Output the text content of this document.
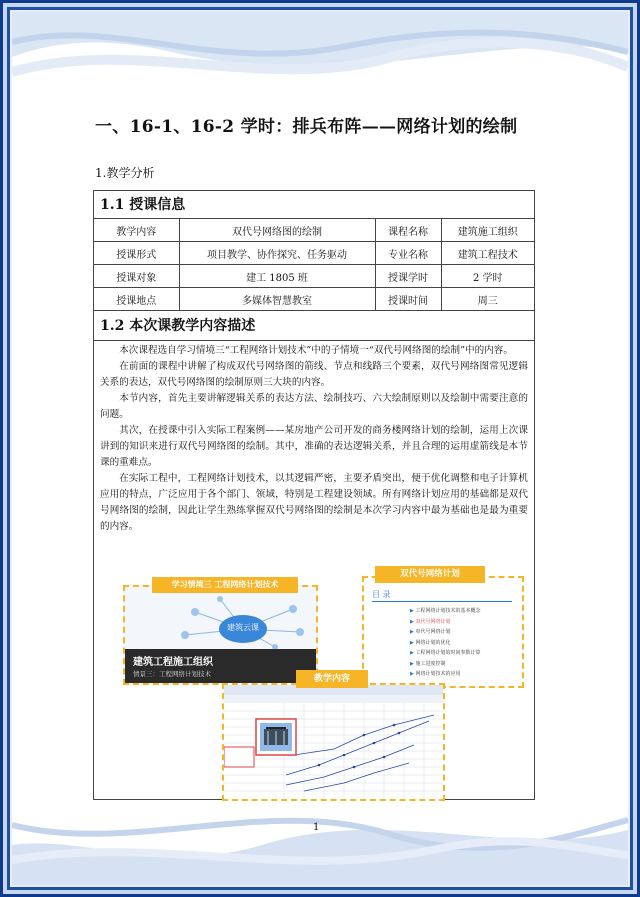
一、16-1、16-2 学时：排兵布阵——网络计划的绘制
1.教学分析
1.1 授课信息
教学内容	双代号网络图的绘制	课程名称	建筑施工组织
授课形式	项目教学、协作探究、任务驱动	专业名称	建筑工程技术
授课对象	建工 1805 班	授课学时	2 学时
授课地点	多媒体智慧教室	授课时间	周三
1.2 本次课教学内容描述

本次课程选自学习情境三“工程网络计划技术”中的子情境一“双代号网络图的绘制”中的内容。

在前面的课程中讲解了构成双代号网络图的箭线、节点和线路三个要素，双代号网络图常见逻辑关系的表达，双代号网络图的绘制原则三大块的内容。

本节内容，首先主要讲解逻辑关系的表达方法、绘制技巧、六大绘制原则以及绘制中需要注意的问题。

其次，在授课中引入实际工程案例——某房地产公司开发的商务楼网络计划的绘制，运用上次课讲到的知识来进行双代号网络图的绘制。其中，准确的表达逻辑关系，并且合理的运用虚箭线是本节课的重难点。

在实际工程中，工程网络计划技术，以其逻辑严密，主要矛盾突出，便于优化调整和电子计算机应用的特点，广泛应用于各个部门、领域，特别是工程建设领域。所有网络计划应用的基础都是双代号网络图的绘制，因此让学生熟练掌握双代号网络图的绘制是本次学习内容中最为基础也是最为重要的内容。

建筑云课
建筑工程施工组织
情景三：工程网络计划技术
学习情境三 工程网络计划技术
目 录
▶ 工程网络计划技术的基本概念
▶ 双代号网络计划
▶ 单代号网络计划
▶ 网络计划的优化
▶ 工程网络计划的时间参数计算
▶ 施工进度控制
▶ 网络计划技术的应用
双代号网络计划
教学内容
1
